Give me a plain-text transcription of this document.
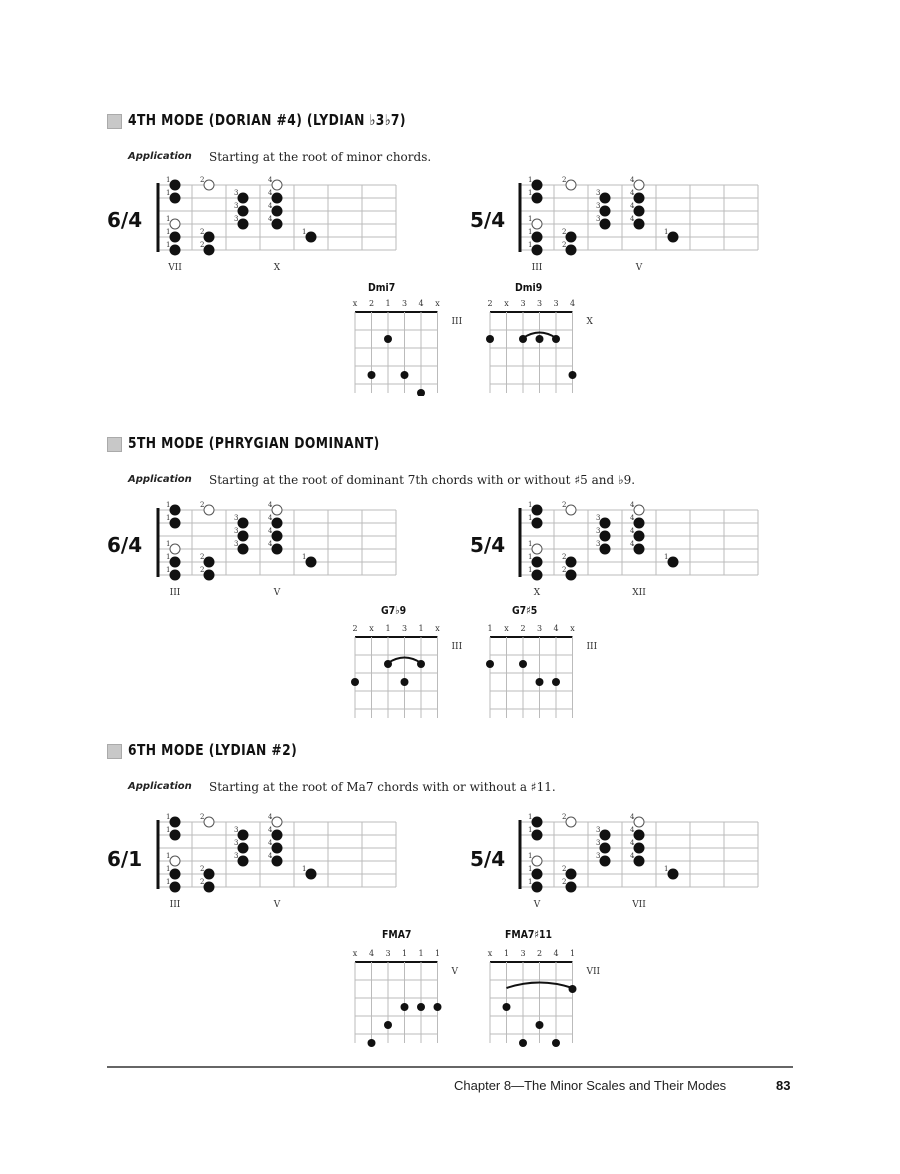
4TH MODE (DORIAN #4) (LYDIAN ♭3♭7)
Application Starting at the root of minor chords.
6/4	5/4
1	2
3
3
3
1
1
1
1
2
2
4
4
4
4
1
VII	X
1	2
3
3
3
1
1
1
1
2
2
4
4
4
4
1
III	V
Dmi7	Dmi9
x 2 1 3 4 x
III
2 x 3 3 3 4
X
5TH MODE (PHRYGIAN DOMINANT)
Application Starting at the root of dominant 7th chords with or without ♯5 and ♭9.
6/4	5/4
1	2
3
3
3
1
1
1
1
2
2
4
4
4
4
1
III	V
1	2
3
3
3
1
1
1
1
2
2
4
4
4
4
1
X	XII
G7♭9	G7♯5
2 x 1 3 1 x
III
1 x 2 3 4 x
III
6TH MODE (LYDIAN #2)
Application Starting at the root of Ma7 chords with or without a ♯11.
6/1	5/4
1	2
3
3
3
1
1
1
1
2
2
4
4
4
4
1
III	V
1	2
3
3
3
1
1
1
1
2
2
4
4
4
4
1
V	VII
FMA7	FMA7♯11
x 4 3 1 1 1
V
x 1 3 2 4 1
VII
Chapter 8—The Minor Scales and Their Modes	83
